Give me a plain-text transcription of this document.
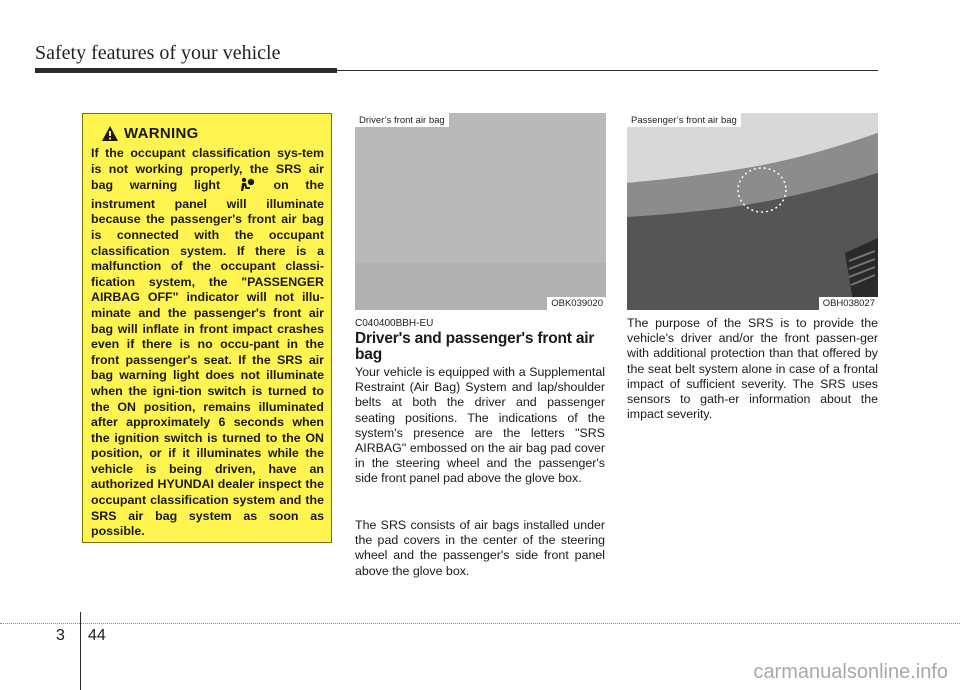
Safety features of your vehicle
WARNING
If the occupant classification sys-tem is not working properly, the SRS air bag warning light	on the instrument panel will illuminate because the passenger's front air bag is connected with the occupant classification system. If there is a malfunction of the occupant classi-fication system, the "PASSENGER AIRBAG OFF" indicator will not illu-minate and the passenger's front air bag will inflate in front impact crashes even if there is no occu-pant in the front passenger's seat. If the SRS air bag warning light does not illuminate when the igni-tion switch is turned to the ON position, remains illuminated after approximately 6 seconds when the ignition switch is turned to the ON position, or if it illuminates while the vehicle is being driven, have an authorized HYUNDAI dealer inspect the occupant classification system and the SRS air bag system as soon as possible.
Driver’s front air bag
OBK039020
Passenger’s front air bag
OBH038027
C040400BBH-EU
Driver's and passenger's front air bag
Your vehicle is equipped with a Supplemental Restraint (Air Bag) System and lap/shoulder belts at both the driver and passenger seating positions. The indications of the system's presence are the letters "SRS AIRBAG" embossed on the air bag pad cover in the steering wheel and the passenger's side front panel pad above the glove box.
The SRS consists of air bags installed under the pad covers in the center of the steering wheel and the passenger's side front panel above the glove box.
The purpose of the SRS is to provide the vehicle's driver and/or the front passen-ger with additional protection than that offered by the seat belt system alone in case of a frontal impact of sufficient severity. The SRS uses sensors to gath-er information about the impact severity.
3 44
carmanualsonline.info
